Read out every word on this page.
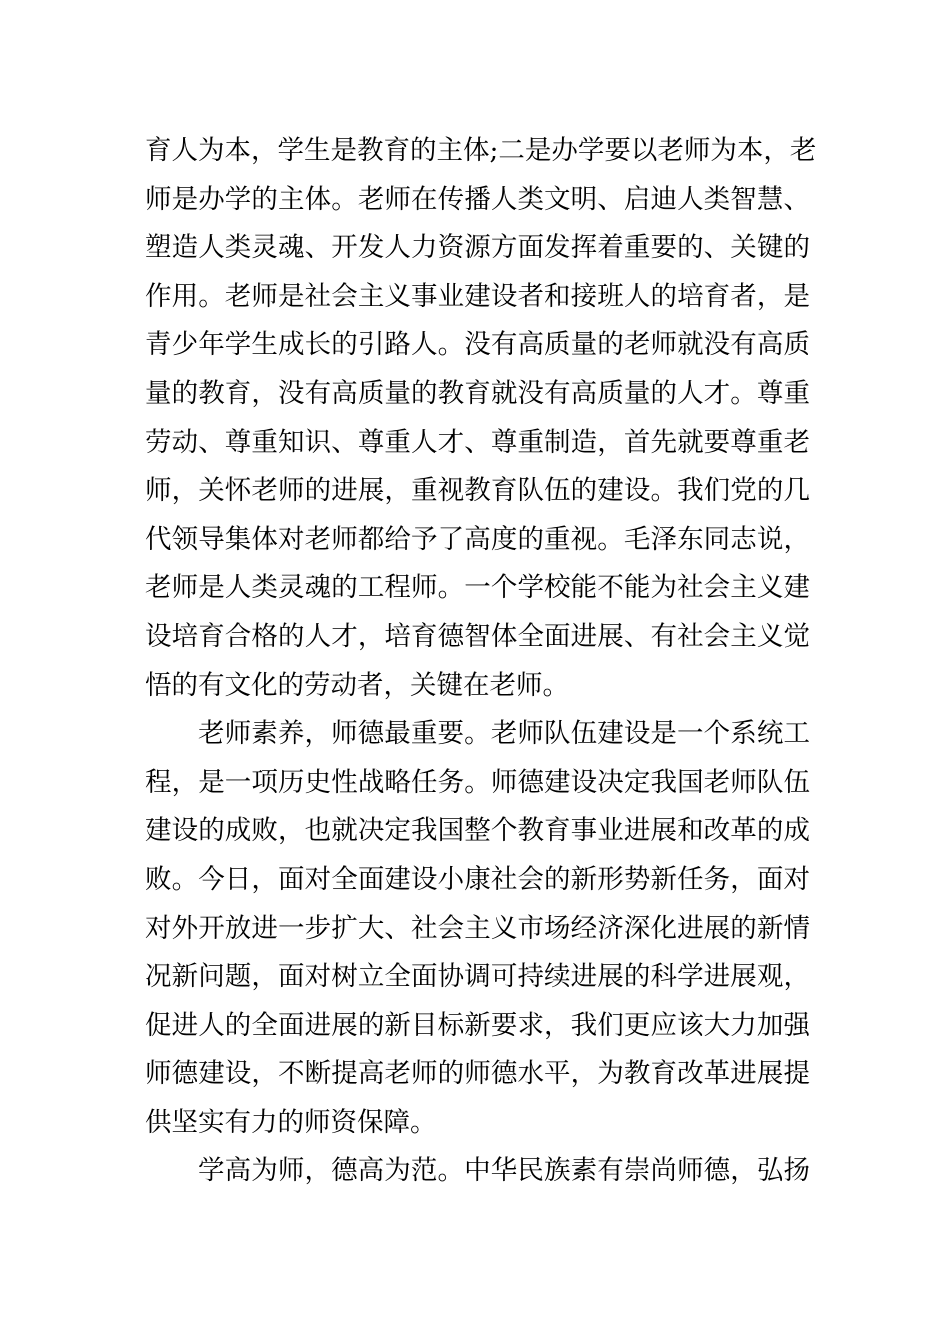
育人为本，学生是教育的主体;二是办学要以老师为本，老
师是办学的主体。老师在传播人类文明、启迪人类智慧、
塑造人类灵魂、开发人力资源方面发挥着重要的、关键的
作用。老师是社会主义事业建设者和接班人的培育者，是
青少年学生成长的引路人。没有高质量的老师就没有高质
量的教育，没有高质量的教育就没有高质量的人才。尊重
劳动、尊重知识、尊重人才、尊重制造，首先就要尊重老
师，关怀老师的进展，重视教育队伍的建设。我们党的几
代领导集体对老师都给予了高度的重视。毛泽东同志说，
老师是人类灵魂的工程师。一个学校能不能为社会主义建
设培育合格的人才，培育德智体全面进展、有社会主义觉
悟的有文化的劳动者，关键在老师。

老师素养，师德最重要。老师队伍建设是一个系统工
程，是一项历史性战略任务。师德建设决定我国老师队伍
建设的成败，也就决定我国整个教育事业进展和改革的成
败。今日，面对全面建设小康社会的新形势新任务，面对
对外开放进一步扩大、社会主义市场经济深化进展的新情
况新问题，面对树立全面协调可持续进展的科学进展观，
促进人的全面进展的新目标新要求，我们更应该大力加强
师德建设，不断提高老师的师德水平，为教育改革进展提
供坚实有力的师资保障。

学高为师，德高为范。中华民族素有崇尚师德，弘扬
